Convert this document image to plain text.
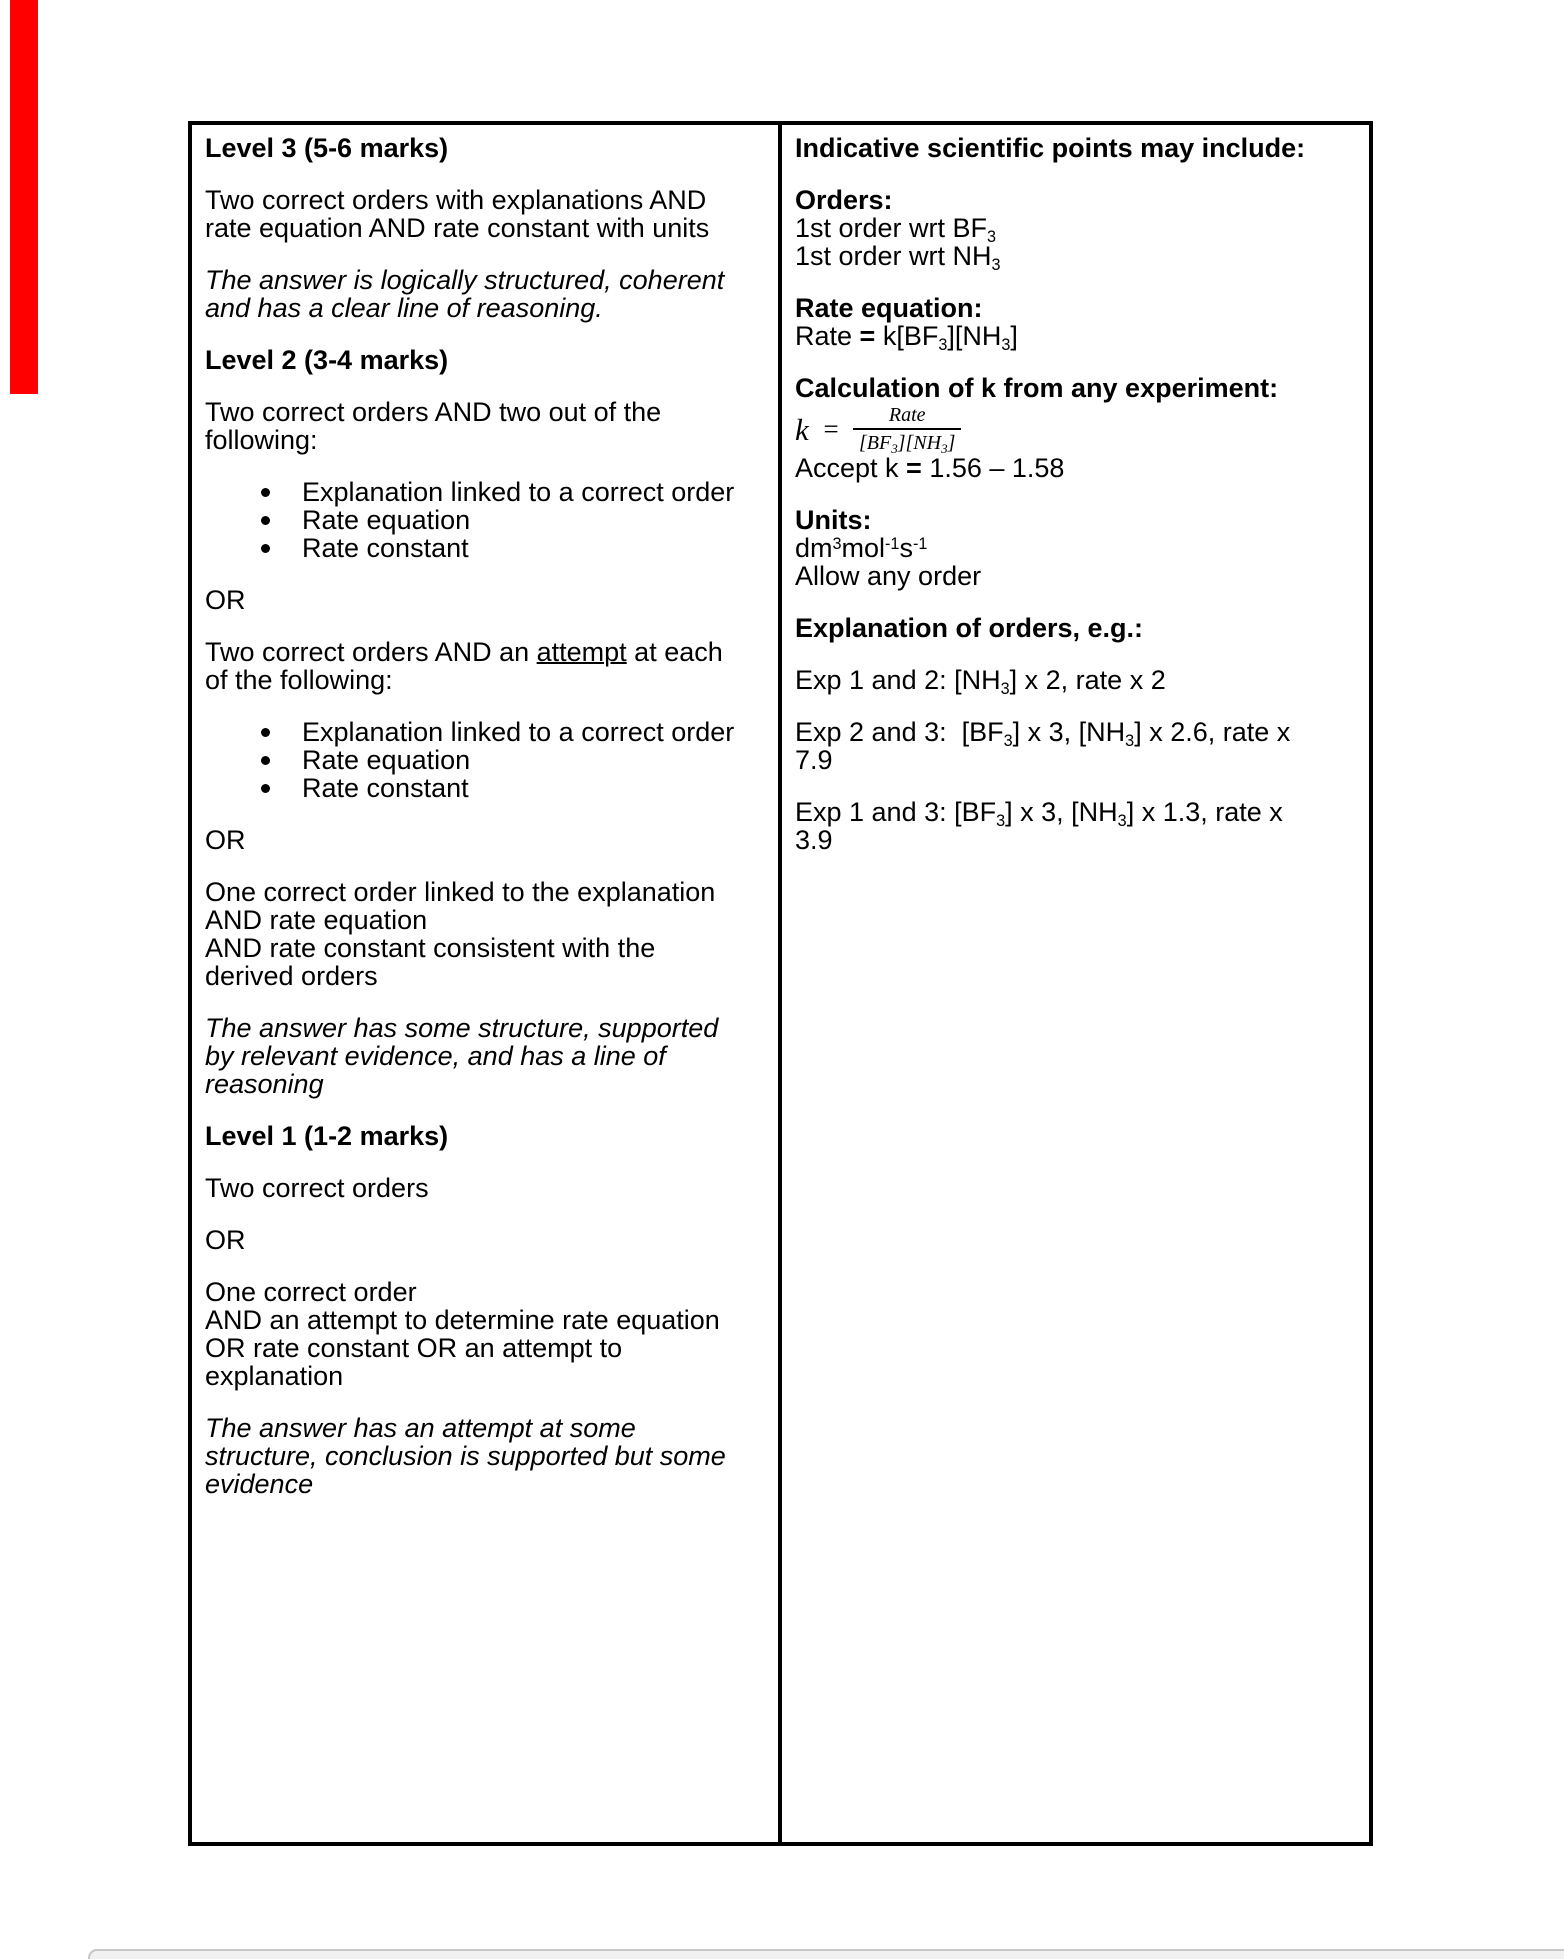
Level 3 (5-6 marks)
Two correct orders with explanations AND
rate equation AND rate constant with units
The answer is logically structured, coherent
and has a clear line of reasoning.
Level 2 (3-4 marks)
Two correct orders AND two out of the
following:
Explanation linked to a correct order
Rate equation
Rate constant
OR
Two correct orders AND an attempt at each
of the following:
Explanation linked to a correct order
Rate equation
Rate constant
OR
One correct order linked to the explanation
AND rate equation
AND rate constant consistent with the
derived orders
The answer has some structure, supported
by relevant evidence, and has a line of
reasoning
Level 1 (1-2 marks)
Two correct orders
OR
One correct order
AND an attempt to determine rate equation
OR rate constant OR an attempt to
explanation
The answer has an attempt at some
structure, conclusion is supported but some
evidence
Indicative scientific points may include:
Orders:
1st order wrt $BF_3$
1st order wrt $NH_3$
Rate equation:
Rate = $k[BF_3][NH_3]$
Calculation of k from any experiment:
$k = \frac{\text{Rate}}{[BF_3][NH_3]}$
Accept k = 1.56 – 1.58
Units:
$dm^3mol^{-1}s^{-1}$
Allow any order
Explanation of orders, e.g.:
Exp 1 and 2: $[NH_3]$ x 2, rate x 2
Exp 2 and 3:  $[BF_3]$ x 3, $[NH_3]$ x 2.6, rate x
7.9
Exp 1 and 3: $[BF_3]$ x 3, $[NH_3]$ x 1.3, rate x
3.9
